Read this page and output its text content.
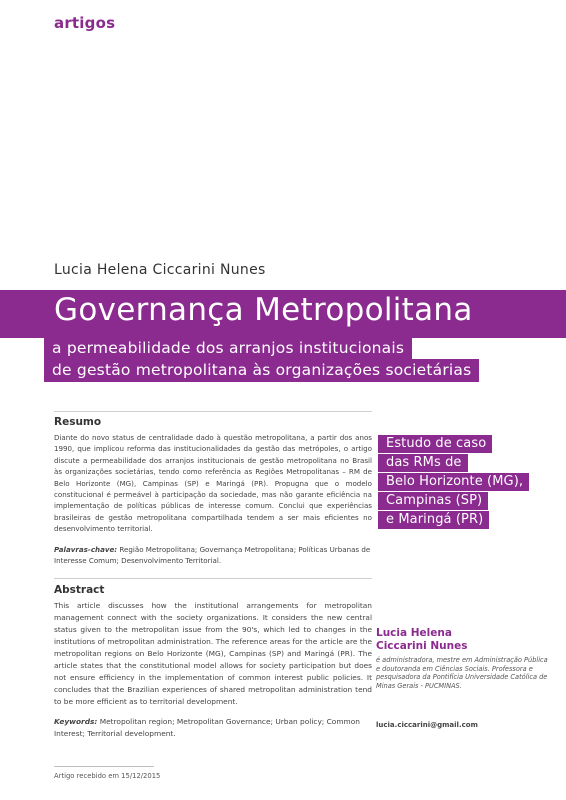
artigos
Lucia Helena Ciccarini Nunes
Governança Metropolitana
a permeabilidade dos arranjos institucionais
de gestão metropolitana às organizações societárias
Resumo

Diante do novo status de centralidade dado à questão metropolitana, a partir dos anos 1990, que implicou reforma das institucionalidades da gestão das metrópoles, o artigo discute a permeabilidade dos arranjos institucionais de gestão metropolitana no Brasil às organizações societárias, tendo como referência as Regiões Metropolitanas – RM de Belo Horizonte (MG), Campinas (SP) e Maringá (PR). Propugna que o modelo constitucional é permeável à participação da sociedade, mas não garante eficiência na implementação de políticas públicas de interesse comum. Conclui que experiências brasileiras de gestão metropolitana compartilhada tendem a ser mais eficientes no desenvolvimento territorial.

Palavras-chave: Região Metropolitana; Governança Metropolitana; Políticas Urbanas de Interesse Comum; Desenvolvimento Territorial.

Abstract

This article discusses how the institutional arrangements for metropolitan management connect with the society organizations. It considers the new central status given to the metropolitan issue from the 90's, which led to changes in the institutions of metropolitan administration. The reference areas for the article are the metropolitan regions on Belo Horizonte (MG), Campinas (SP) and Maringá (PR). The article states that the constitutional model allows for society participation but does not ensure efficiency in the implementation of common interest public policies. It concludes that the Brazilian experiences of shared metropolitan administration tend to be more efficient as to territorial development.

Keywords: Metropolitan region; Metropolitan Governance; Urban policy; Common Interest; Territorial development.

Estudo de caso
das RMs de
Belo Horizonte (MG),
Campinas (SP)
e Maringá (PR)
Lucia Helena
Ciccarini Nunes

é administradora, mestre em Administração Pública e doutoranda em Ciências Sociais. Professora e pesquisadora da Pontifícia Universidade Católica de Minas Gerais - PUCMINAS.

lucia.ciccarini@gmail.com
Artigo recebido em 15/12/2015
